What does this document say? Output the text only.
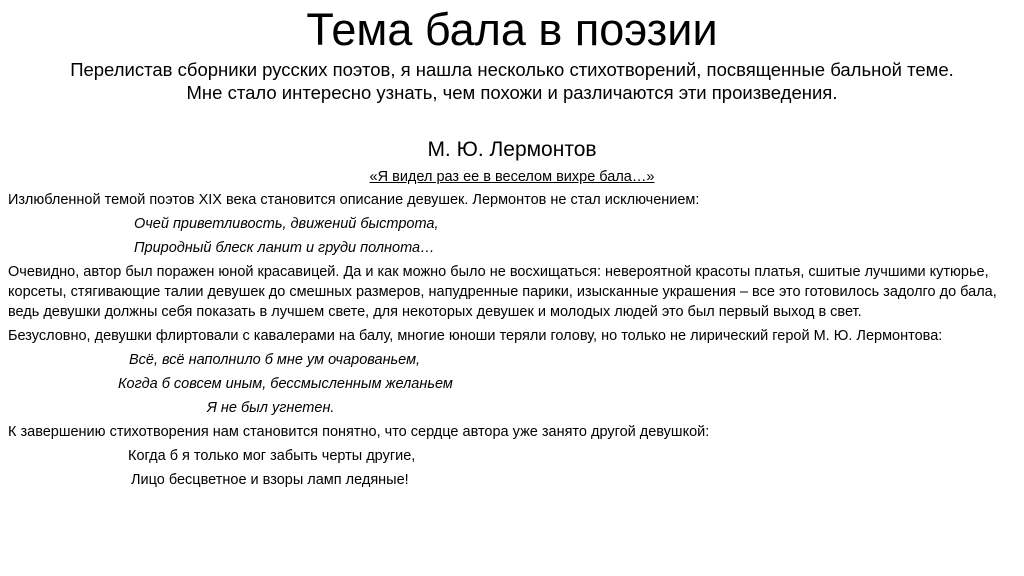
Тема бала в поэзии
Перелистав сборники русских поэтов, я нашла несколько стихотворений, посвященные бальной теме.
Мне стало интересно узнать, чем похожи и различаются эти произведения.
М. Ю. Лермонтов
«Я видел раз ее в веселом вихре бала…»

Излюбленной темой поэтов XIX века становится описание девушек. Лермонтов не стал исключением:

Очей приветливость, движений быстрота,

Природный блеск ланит и груди полнота…

Очевидно, автор был поражен юной красавицей. Да и как можно было не восхищаться: невероятной красоты платья, сшитые лучшими кутюрье, корсеты, стягивающие талии девушек до смешных размеров, напудренные парики, изысканные украшения – все это готовилось задолго до бала, ведь девушки должны себя показать в лучшем свете, для некоторых девушек и молодых людей это был первый выход в свет.

Безусловно, девушки флиртовали с кавалерами на балу, многие юноши теряли голову, но только не лирический герой М. Ю. Лермонтова:

Всё, всё наполнило б мне ум очарованьем,

Когда б совсем иным, бессмысленным желаньем

Я не был угнетен.

К завершению стихотворения нам становится понятно, что сердце автора уже занято другой девушкой:

Когда б я только мог забыть черты другие,

Лицо бесцветное и взоры ламп ледяные!
